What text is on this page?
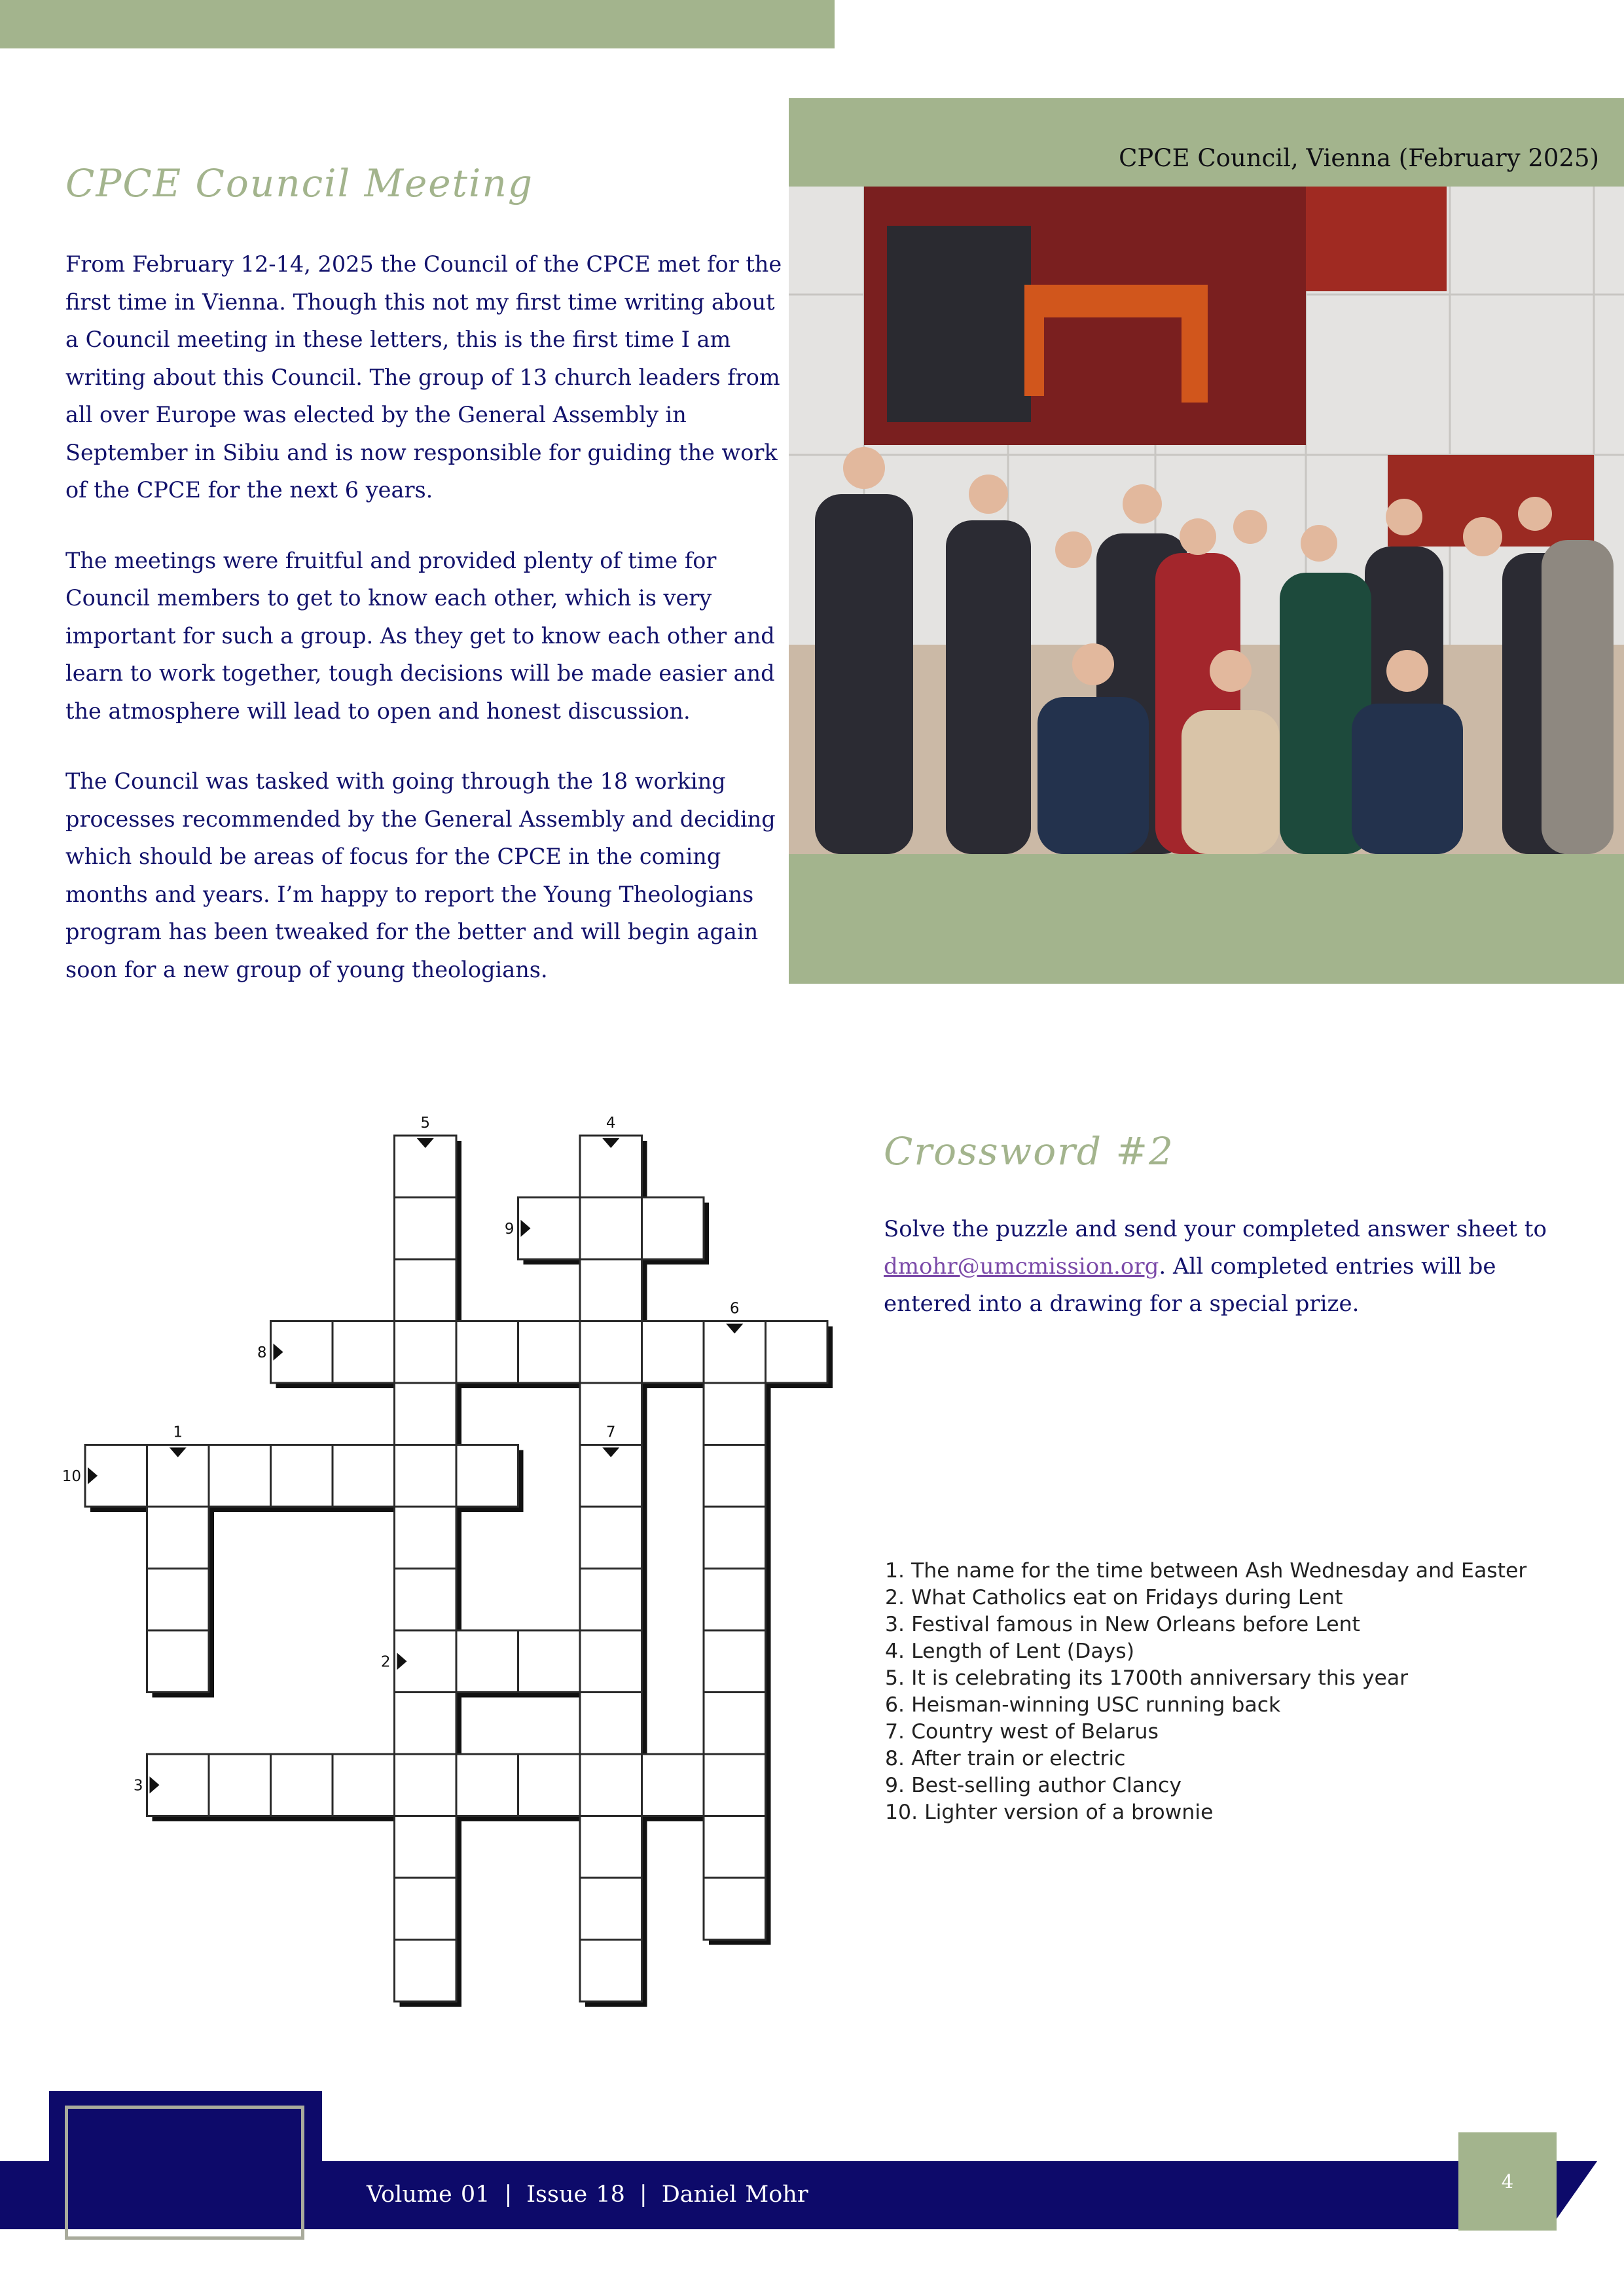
CPCE Council Meeting

From February 12-14, 2025 the Council of the CPCE met for the first time in Vienna. Though this not my first time writing about a Council meeting in these letters, this is the first time I am writing about this Council. The group of 13 church leaders from all over Europe was elected by the General Assembly in September in Sibiu and is now responsible for guiding the work of the CPCE for the next 6 years.

The meetings were fruitful and provided plenty of time for Council members to get to know each other, which is very important for such a group. As they get to know each other and learn to work together, tough decisions will be made easier and the atmosphere will lead to open and honest discussion.

The Council was tasked with going through the 18 working processes recommended by the General Assembly and deciding which should be areas of focus for the CPCE in the coming months and years. I’m happy to report the Young Theologians program has been tweaked for the better and will begin again soon for a new group of young theologians.

CPCE Council, Vienna (February 2025)

Crossword #2

Solve the puzzle and send your completed answer sheet to dmohr@umcmission.org. All completed entries will be entered into a drawing for a special prize.

1
2
3
4
5
6
7
8
9
10
1. The name for the time between Ash Wednesday and Easter
2. What Catholics eat on Fridays during Lent
3. Festival famous in New Orleans before Lent
4. Length of Lent (Days)
5. It is celebrating its 1700th anniversary this year
6. Heisman-winning USC running back
7. Country west of Belarus
8. After train or electric
9. Best-selling author Clancy
10. Lighter version of a brownie
Volume 01 | Issue 18 | Daniel Mohr	4
